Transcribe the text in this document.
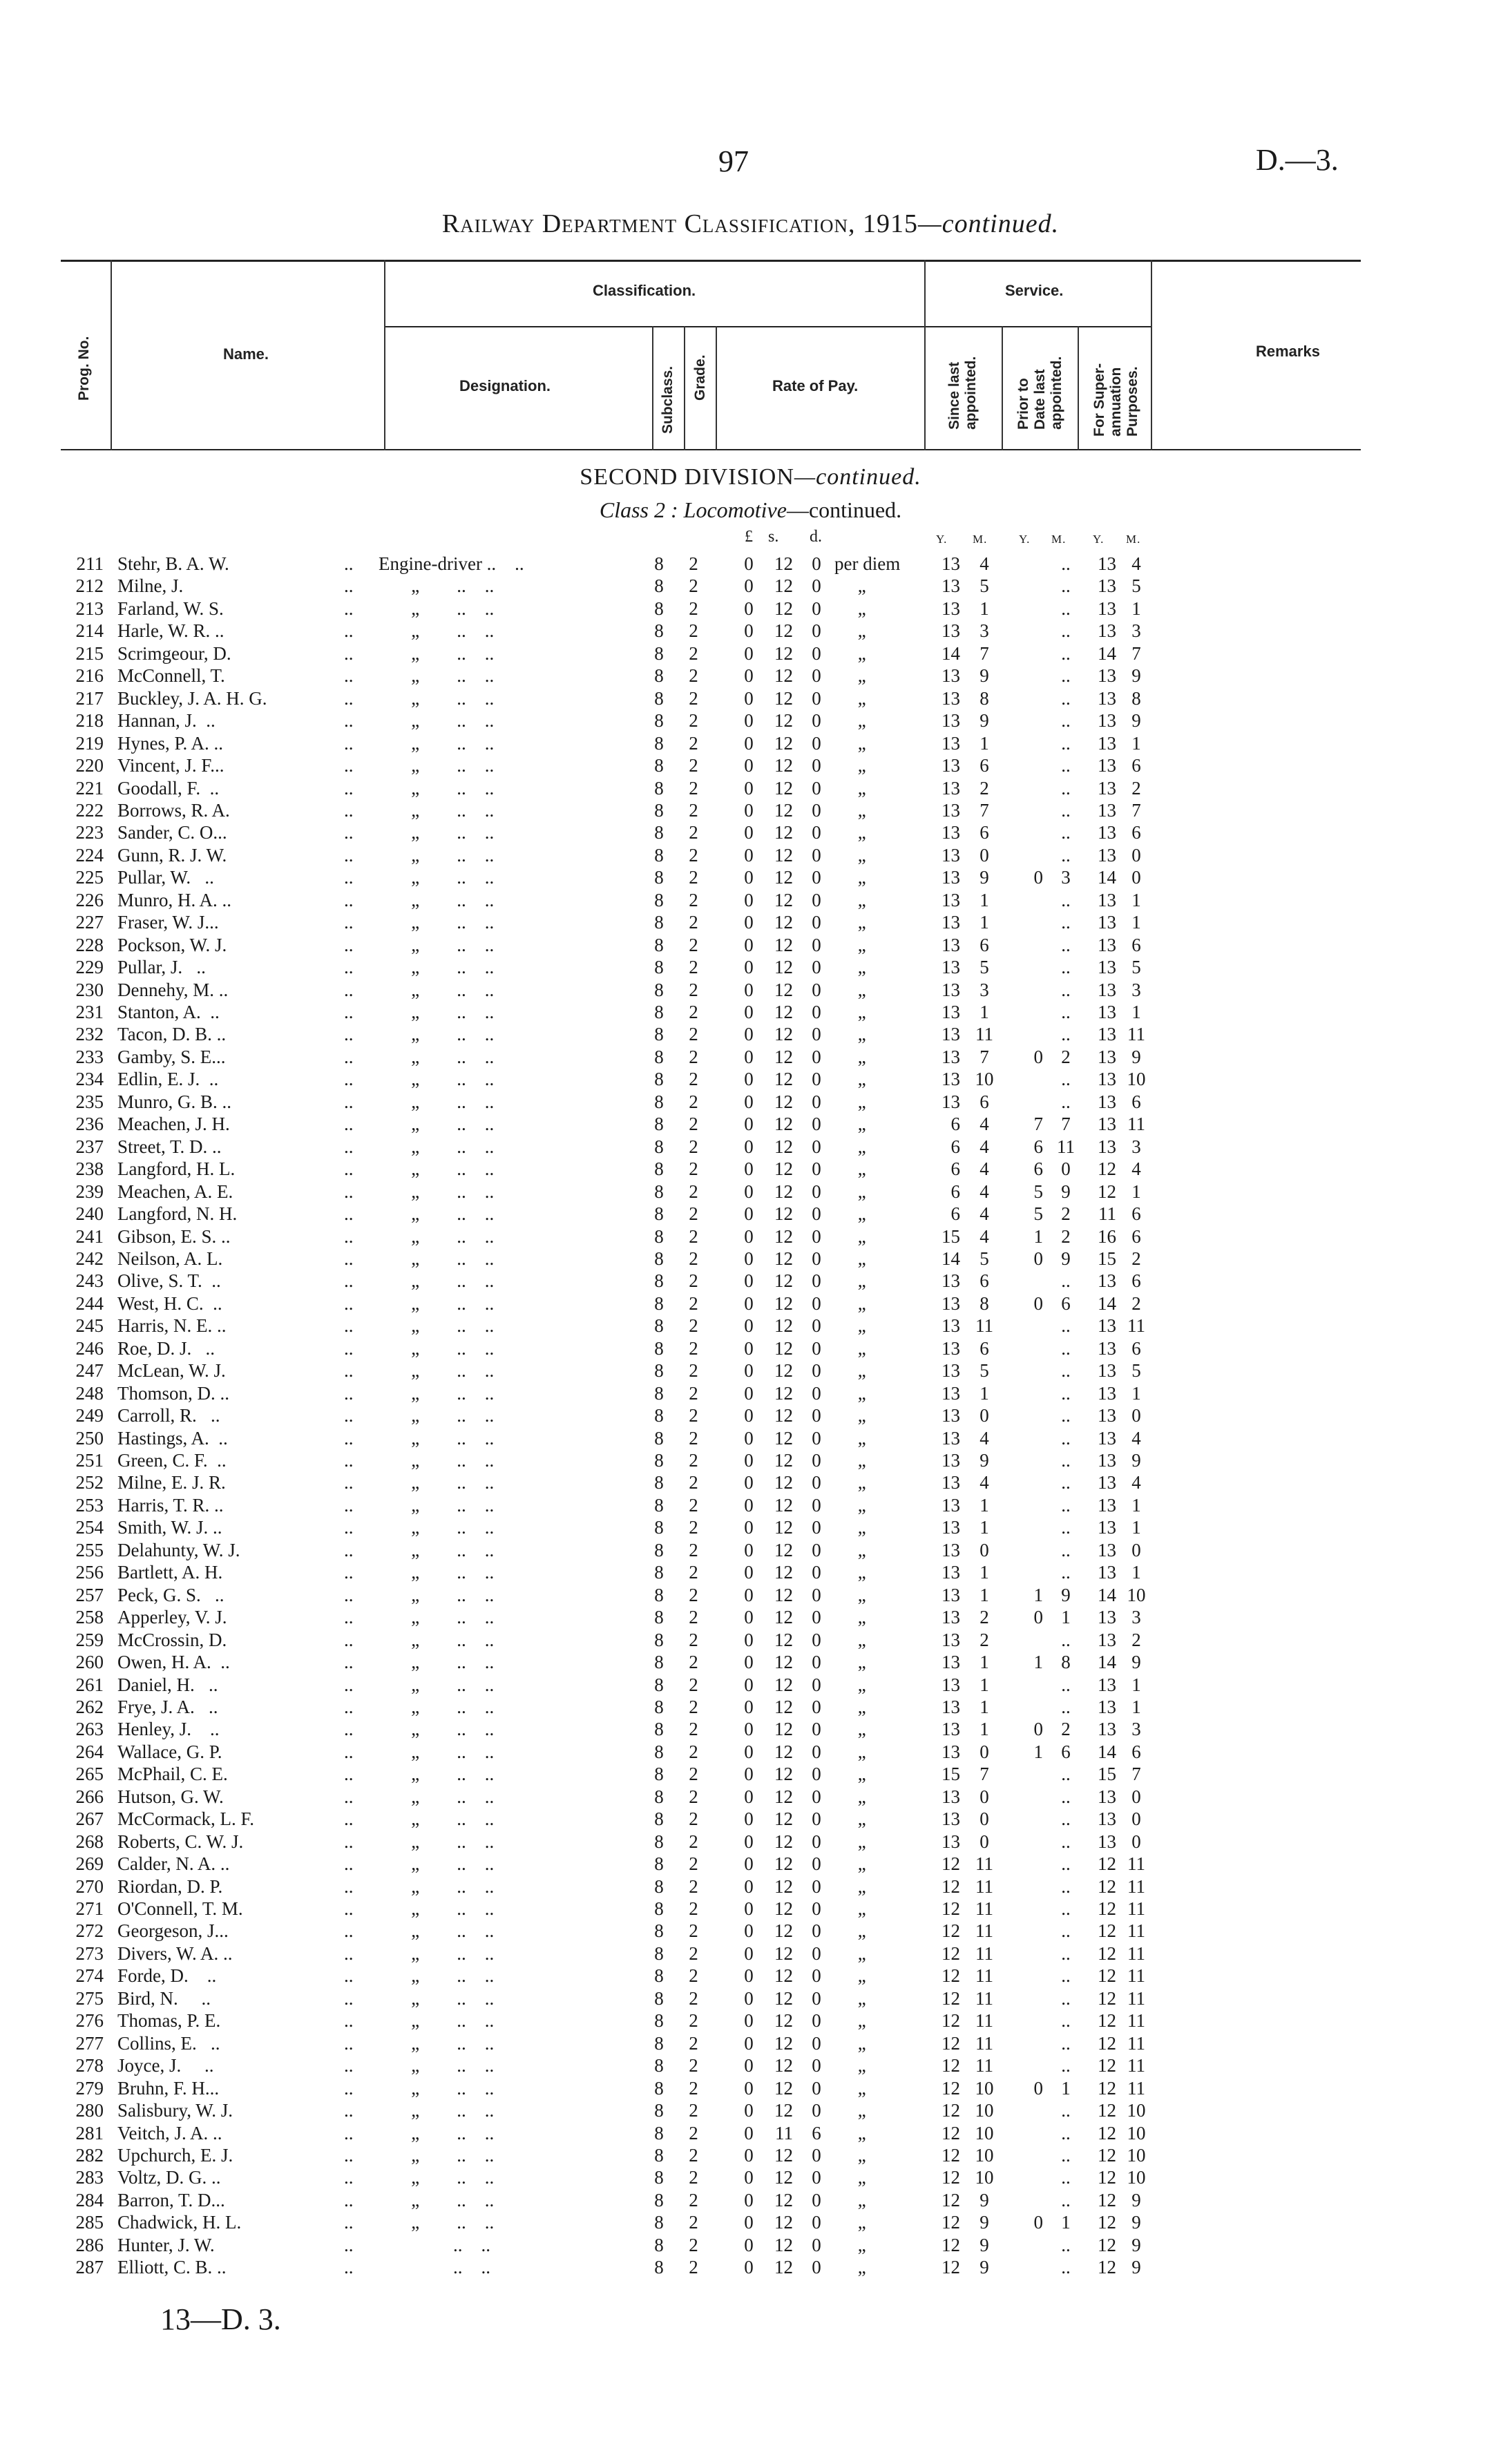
97	D.—3.
Railway Department Classification, 1915—continued.
Prog. No.	Name.
Classification.	Service.
Designation.	Subclass. Grade.	Rate of Pay.	Since last appointed.	Prior to Date last appointed. For Super- annuation Purposes.
Remarks
SECOND DIVISION—continued.
Class 2 : Locomotive—continued.
£ s. d.	Y. M.	Y. M. Y. M.
211 Stehr, B. A. W.	.. Engine-driver ..    ..	8 2 0	12 0 per diem	13	4	..	13 4
212 Milne, J.	.. „        ..    ..	8 2 0	12 0 „	13	5	..	13 5
213 Farland, W. S.	.. „        ..    ..	8 2 0	12 0 „	13	1	..	13 1
214 Harle, W. R. ..	.. „        ..    ..	8 2 0	12 0 „	13	3	..	13 3
215 Scrimgeour, D.	.. „        ..    ..	8 2 0	12 0 „	14	7	..	14 7
216 McConnell, T.	.. „        ..    ..	8 2 0	12 0 „	13	9	..	13 9
217 Buckley, J. A. H. G.	.. „        ..    ..	8 2 0	12 0 „	13	8	..	13 8
218 Hannan, J.  ..	.. „        ..    ..	8 2 0	12 0 „	13	9	..	13 9
219 Hynes, P. A. ..	.. „        ..    ..	8 2 0	12 0 „	13	1	..	13 1
220 Vincent, J. F...	.. „        ..    ..	8 2 0	12 0 „	13	6	..	13 6
221 Goodall, F.  ..	.. „        ..    ..	8 2 0	12 0 „	13	2	..	13 2
222 Borrows, R. A.	.. „        ..    ..	8 2 0	12 0 „	13	7	..	13 7
223 Sander, C. O...	.. „        ..    ..	8 2 0	12 0 „	13	6	..	13 6
224 Gunn, R. J. W.	.. „        ..    ..	8 2 0	12 0 „	13	0	..	13 0
225 Pullar, W.   ..	.. „        ..    ..	8 2 0	12 0 „	13	9	0 3	14 0
226 Munro, H. A. ..	.. „        ..    ..	8 2 0	12 0 „	13	1	..	13 1
227 Fraser, W. J...	.. „        ..    ..	8 2 0	12 0 „	13	1	..	13 1
228 Pockson, W. J.	.. „        ..    ..	8 2 0	12 0 „	13	6	..	13 6
229 Pullar, J.   ..	.. „        ..    ..	8 2 0	12 0 „	13	5	..	13 5
230 Dennehy, M. ..	.. „        ..    ..	8 2 0	12 0 „	13	3	..	13 3
231 Stanton, A.  ..	.. „        ..    ..	8 2 0	12 0 „	13	1	..	13 1
232 Tacon, D. B. ..	.. „        ..    ..	8 2 0	12 0 „	13 11	..	13 11
233 Gamby, S. E...	.. „        ..    ..	8 2 0	12 0 „	13	7	0 2	13 9
234 Edlin, E. J.  ..	.. „        ..    ..	8 2 0	12 0 „	13 10	..	13 10
235 Munro, G. B. ..	.. „        ..    ..	8 2 0	12 0 „	13	6	..	13 6
236 Meachen, J. H.	.. „        ..    ..	8 2 0	12 0 „	6	4	7 7	13 11
237 Street, T. D. ..	.. „        ..    ..	8 2 0	12 0 „	6	4	6 11	13 3
238 Langford, H. L.	.. „        ..    ..	8 2 0	12 0 „	6	4	6 0	12 4
239 Meachen, A. E.	.. „        ..    ..	8 2 0	12 0 „	6	4	5 9	12 1
240 Langford, N. H.	.. „        ..    ..	8 2 0	12 0 „	6	4	5 2	11 6
241 Gibson, E. S. ..	.. „        ..    ..	8 2 0	12 0 „	15	4	1 2	16 6
242 Neilson, A. L.	.. „        ..    ..	8 2 0	12 0 „	14	5	0 9	15 2
243 Olive, S. T.  ..	.. „        ..    ..	8 2 0	12 0 „	13	6	..	13 6
244 West, H. C.  ..	.. „        ..    ..	8 2 0	12 0 „	13	8	0 6	14 2
245 Harris, N. E. ..	.. „        ..    ..	8 2 0	12 0 „	13 11	..	13 11
246 Roe, D. J.   ..	.. „        ..    ..	8 2 0	12 0 „	13	6	..	13 6
247 McLean, W. J.	.. „        ..    ..	8 2 0	12 0 „	13	5	..	13 5
248 Thomson, D. ..	.. „        ..    ..	8 2 0	12 0 „	13	1	..	13 1
249 Carroll, R.   ..	.. „        ..    ..	8 2 0	12 0 „	13	0	..	13 0
250 Hastings, A.  ..	.. „        ..    ..	8 2 0	12 0 „	13	4	..	13 4
251 Green, C. F.  ..	.. „        ..    ..	8 2 0	12 0 „	13	9	..	13 9
252 Milne, E. J. R.	.. „        ..    ..	8 2 0	12 0 „	13	4	..	13 4
253 Harris, T. R. ..	.. „        ..    ..	8 2 0	12 0 „	13	1	..	13 1
254 Smith, W. J. ..	.. „        ..    ..	8 2 0	12 0 „	13	1	..	13 1
255 Delahunty, W. J.	.. „        ..    ..	8 2 0	12 0 „	13	0	..	13 0
256 Bartlett, A. H.	.. „        ..    ..	8 2 0	12 0 „	13	1	..	13 1
257 Peck, G. S.   ..	.. „        ..    ..	8 2 0	12 0 „	13	1	1 9	14 10
258 Apperley, V. J.	.. „        ..    ..	8 2 0	12 0 „	13	2	0 1	13 3
259 McCrossin, D.	.. „        ..    ..	8 2 0	12 0 „	13	2	..	13 2
260 Owen, H. A.  ..	.. „        ..    ..	8 2 0	12 0 „	13	1	1 8	14 9
261 Daniel, H.   ..	.. „        ..    ..	8 2 0	12 0 „	13	1	..	13 1
262 Frye, J. A.   ..	.. „        ..    ..	8 2 0	12 0 „	13	1	..	13 1
263 Henley, J.    ..	.. „        ..    ..	8 2 0	12 0 „	13	1	0 2	13 3
264 Wallace, G. P.	.. „        ..    ..	8 2 0	12 0 „	13	0	1 6	14 6
265 McPhail, C. E.	.. „        ..    ..	8 2 0	12 0 „	15	7	..	15 7
266 Hutson, G. W.	.. „        ..    ..	8 2 0	12 0 „	13	0	..	13 0
267 McCormack, L. F.	.. „        ..    ..	8 2 0	12 0 „	13	0	..	13 0
268 Roberts, C. W. J.	.. „        ..    ..	8 2 0	12 0 „	13	0	..	13 0
269 Calder, N. A. ..	.. „        ..    ..	8 2 0	12 0 „	12 11	..	12 11
270 Riordan, D. P.	.. „        ..    ..	8 2 0	12 0 „	12 11	..	12 11
271 O'Connell, T. M.	.. „        ..    ..	8 2 0	12 0 „	12 11	..	12 11
272 Georgeson, J...	.. „        ..    ..	8 2 0	12 0 „	12 11	..	12 11
273 Divers, W. A. ..	.. „        ..    ..	8 2 0	12 0 „	12 11	..	12 11
274 Forde, D.    ..	.. „        ..    ..	8 2 0	12 0 „	12 11	..	12 11
275 Bird, N.     ..	.. „        ..    ..	8 2 0	12 0 „	12 11	..	12 11
276 Thomas, P. E.	.. „        ..    ..	8 2 0	12 0 „	12 11	..	12 11
277 Collins, E.   ..	.. „        ..    ..	8 2 0	12 0 „	12 11	..	12 11
278 Joyce, J.     ..	.. „        ..    ..	8 2 0	12 0 „	12 11	..	12 11
279 Bruhn, F. H...	.. „        ..    ..	8 2 0	12 0 „	12 10	0 1	12 11
280 Salisbury, W. J.	.. „        ..    ..	8 2 0	12 0 „	12 10	..	12 10
281 Veitch, J. A. ..	.. „        ..    ..	8 2 0	11 6 „	12 10	..	12 10
282 Upchurch, E. J.	.. „        ..    ..	8 2 0	12 0 „	12 10	..	12 10
283 Voltz, D. G. ..	.. „        ..    ..	8 2 0	12 0 „	12 10	..	12 10
284 Barron, T. D...	.. „        ..    ..	8 2 0	12 0 „	12	9	..	12 9
285 Chadwick, H. L.	.. „        ..    ..	8 2 0	12 0 „	12	9	0 1	12 9
286 Hunter, J. W.	.. ..    ..	8 2 0	12 0 „	12	9	..	12 9
287 Elliott, C. B. ..	.. ..    ..	8 2 0	12 0 „	12	9	..	12 9
13—D. 3.
